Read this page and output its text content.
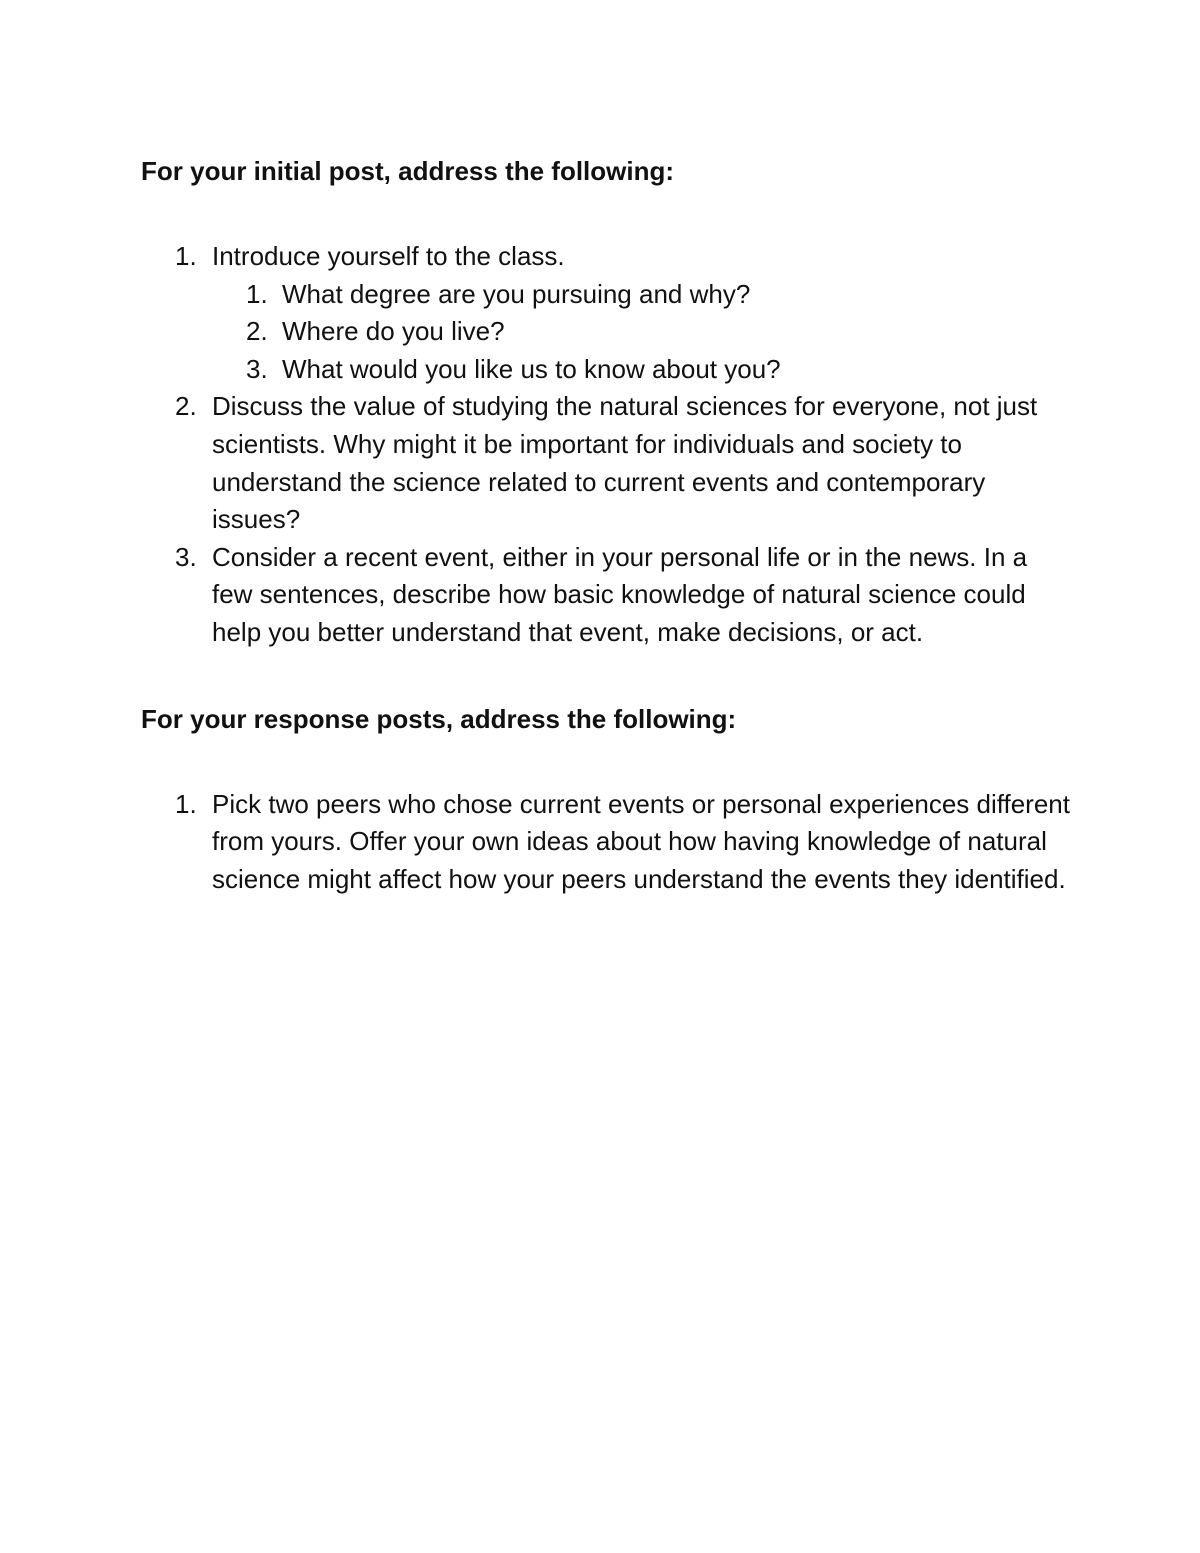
For your initial post, address the following:
1. Introduce yourself to the class.
1. What degree are you pursuing and why?
2. Where do you live?
3. What would you like us to know about you?
2. Discuss the value of studying the natural sciences for everyone, not just scientists. Why might it be important for individuals and society to understand the science related to current events and contemporary issues?
3. Consider a recent event, either in your personal life or in the news. In a few sentences, describe how basic knowledge of natural science could help you better understand that event, make decisions, or act.
For your response posts, address the following:
1. Pick two peers who chose current events or personal experiences different from yours. Offer your own ideas about how having knowledge of natural science might affect how your peers understand the events they identified.
